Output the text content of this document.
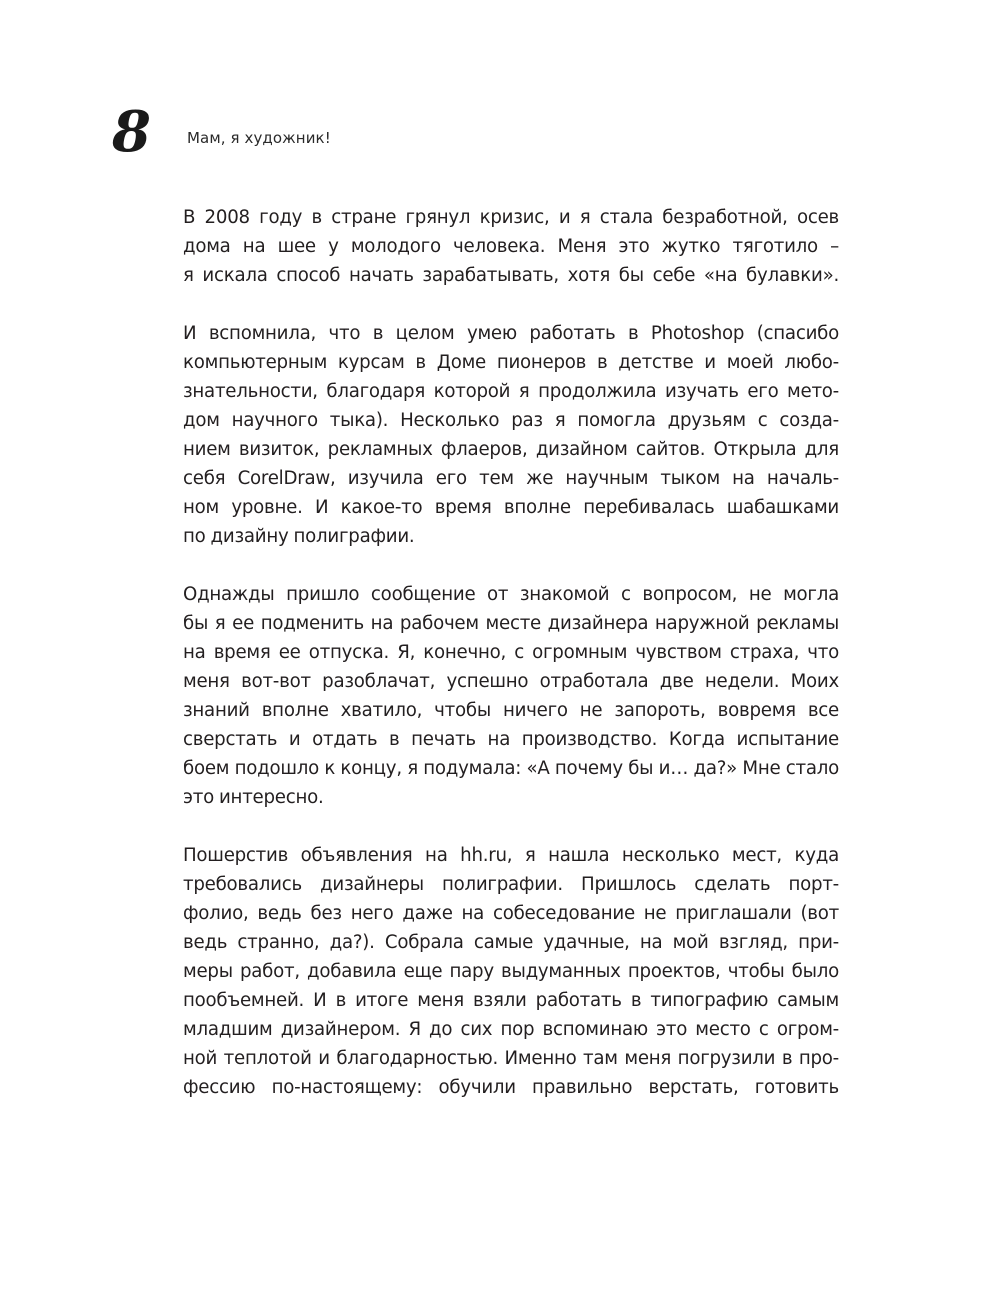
8 Мам, я художник!
В 2008 году в стране грянул кризис, и я стала безработной, осев
дома на шее у молодого человека. Меня это жутко тяготило –
я искала способ начать зарабатывать, хотя бы себе «на булавки».
И вспомнила, что в целом умею работать в Photoshop (спасибо
компьютерным курсам в Доме пионеров в детстве и моей любо-
знательности, благодаря которой я продолжила изучать его мето-
дом научного тыка). Несколько раз я помогла друзьям с созда-
нием визиток, рекламных флаеров, дизайном сайтов. Открыла для
себя CorelDraw, изучила его тем же научным тыком на началь-
ном уровне. И какое-то время вполне перебивалась шабашками
по дизайну полиграфии.
Однажды пришло сообщение от знакомой с вопросом, не могла
бы я ее подменить на рабочем месте дизайнера наружной рекламы
на время ее отпуска. Я, конечно, с огромным чувством страха, что
меня вот-вот разоблачат, успешно отработала две недели. Моих
знаний вполне хватило, чтобы ничего не запороть, вовремя все
сверстать и отдать в печать на производство. Когда испытание
боем подошло к концу, я подумала: «А почему бы и… да?» Мне стало
это интересно.
Пошерстив объявления на hh.ru, я нашла несколько мест, куда
требовались дизайнеры полиграфии. Пришлось сделать порт-
фолио, ведь без него даже на собеседование не приглашали (вот
ведь странно, да?). Собрала самые удачные, на мой взгляд, при-
меры работ, добавила еще пару выдуманных проектов, чтобы было
пообъемней. И в итоге меня взяли работать в типографию самым
младшим дизайнером. Я до сих пор вспоминаю это место с огром-
ной теплотой и благодарностью. Именно там меня погрузили в про-
фессию по-настоящему: обучили правильно верстать, готовить
